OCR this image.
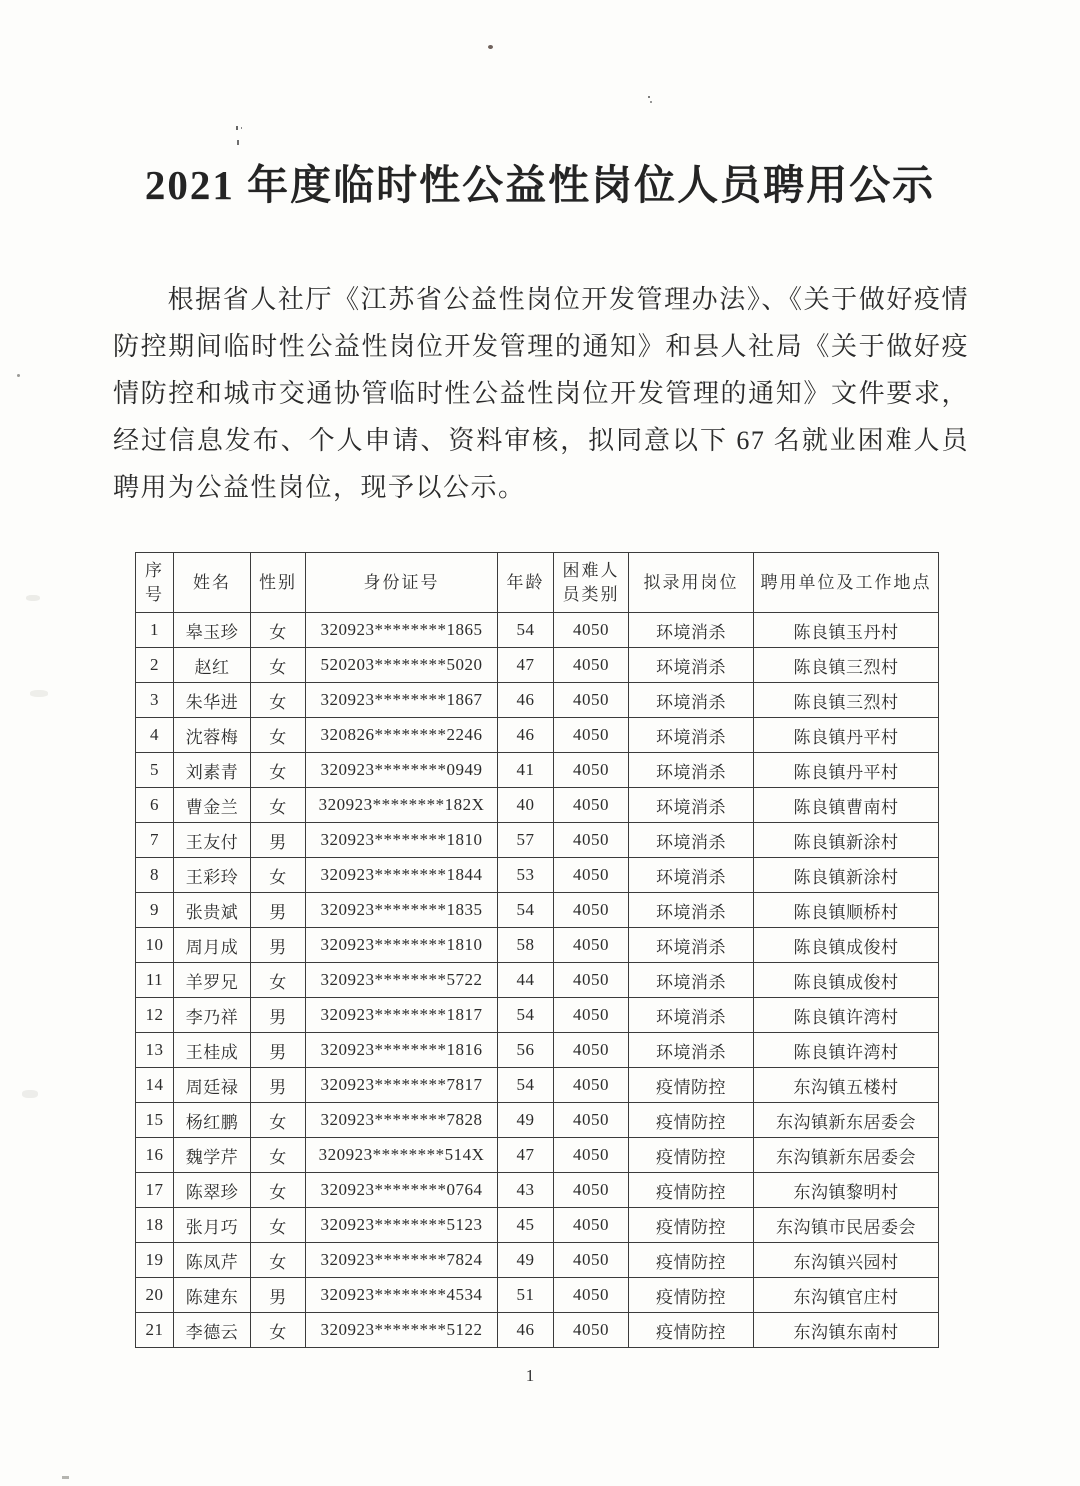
2021 年度临时性公益性岗位人员聘用公示

根据省人社厅《江苏省公益性岗位开发管理办法》、《关于做好疫情防控期间临时性公益性岗位开发管理的通知》和县人社局《关于做好疫情防控和城市交通协管临时性公益性岗位开发管理的通知》文件要求，经过信息发布、个人申请、资料审核，拟同意以下 67 名就业困难人员聘用为公益性岗位，现予以公示。

序号	姓名	性别	身份证号	年龄	困难人员类别	拟录用岗位	聘用单位及工作地点
1	皋玉珍	女	320923********1865	54	4050	环境消杀	陈良镇玉丹村
2	赵红	女	520203********5020	47	4050	环境消杀	陈良镇三烈村
3	朱华进	女	320923********1867	46	4050	环境消杀	陈良镇三烈村
4	沈蓉梅	女	320826********2246	46	4050	环境消杀	陈良镇丹平村
5	刘素青	女	320923********0949	41	4050	环境消杀	陈良镇丹平村
6	曹金兰	女	320923********182X	40	4050	环境消杀	陈良镇曹南村
7	王友付	男	320923********1810	57	4050	环境消杀	陈良镇新涂村
8	王彩玲	女	320923********1844	53	4050	环境消杀	陈良镇新涂村
9	张贵斌	男	320923********1835	54	4050	环境消杀	陈良镇顺桥村
10	周月成	男	320923********1810	58	4050	环境消杀	陈良镇成俊村
11	羊罗兄	女	320923********5722	44	4050	环境消杀	陈良镇成俊村
12	李乃祥	男	320923********1817	54	4050	环境消杀	陈良镇许湾村
13	王桂成	男	320923********1816	56	4050	环境消杀	陈良镇许湾村
14	周廷禄	男	320923********7817	54	4050	疫情防控	东沟镇五楼村
15	杨红鹏	女	320923********7828	49	4050	疫情防控	东沟镇新东居委会
16	魏学芹	女	320923********514X	47	4050	疫情防控	东沟镇新东居委会
17	陈翠珍	女	320923********0764	43	4050	疫情防控	东沟镇黎明村
18	张月巧	女	320923********5123	45	4050	疫情防控	东沟镇市民居委会
19	陈凤芹	女	320923********7824	49	4050	疫情防控	东沟镇兴园村
20	陈建东	男	320923********4534	51	4050	疫情防控	东沟镇官庄村
21	李德云	女	320923********5122	46	4050	疫情防控	东沟镇东南村
1
